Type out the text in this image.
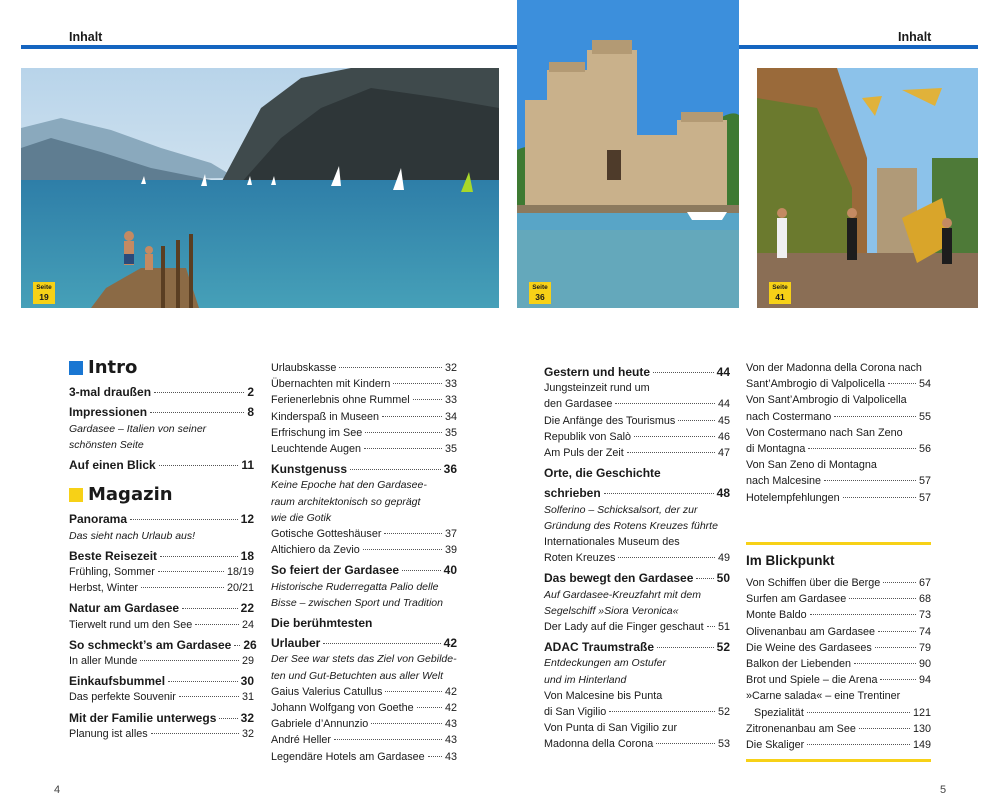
Inhalt	Inhalt
Seite
19
Seite
36
Seite
41
Intro
3-mal draußen	2
Impressionen	8
Gardasee – Italien von seiner
schönsten Seite
Auf einen Blick	11
Magazin
Panorama	12
Das sieht nach Urlaub aus!
Beste Reisezeit	18
Frühling, Sommer	18/19
Herbst, Winter	20/21
Natur am Gardasee	22
Tierwelt rund um den See	24
So schmeckt’s am Gardasee 26
In aller Munde	29
Einkaufsbummel	30
Das perfekte Souvenir	31
Mit der Familie unterwegs 32
Planung ist alles	32
Urlaubskasse	32
Übernachten mit Kindern	33
Ferienerlebnis ohne Rummel	33
Kinderspaß in Museen	34
Erfrischung im See	35
Leuchtende Augen	35
Kunstgenuss	36
Keine Epoche hat den Gardasee-
raum architektonisch so geprägt
wie die Gotik
Gotische Gotteshäuser	37
Altichiero da Zevio	39
So feiert der Gardasee	40
Historische Ruderregatta Palio delle
Bisse – zwischen Sport und Tradition
Die berühmtesten
Urlauber	42
Der See war stets das Ziel von Gebilde-
ten und Gut-Betuchten aus aller Welt
Gaius Valerius Catullus	42
Johann Wolfgang von Goethe	42
Gabriele d’Annunzio	43
André Heller	43
Legendäre Hotels am Gardasee 43
Gestern und heute	44
Jungsteinzeit rund um
den Gardasee	44
Die Anfänge des Tourismus	45
Republik von Salò	46
Am Puls der Zeit	47
Orte, die Geschichte
schrieben	48
Solferino – Schicksalsort, der zur
Gründung des Rotens Kreuzes führte
Internationales Museum des
Roten Kreuzes	49
Das bewegt den Gardasee 50
Auf Gardasee-Kreuzfahrt mit dem
Segelschiff »Siora Veronica«
Der Lady auf die Finger geschaut 51
ADAC Traumstraße	52
Entdeckungen am Ostufer
und im Hinterland
Von Malcesine bis Punta
di San Vigilio	52
Von Punta di San Vigilio zur
Madonna della Corona	53
Von der Madonna della Corona nach
Sant’Ambrogio di Valpolicella	54
Von Sant’Ambrogio di Valpolicella
nach Costermano	55
Von Costermano nach San Zeno
di Montagna	56
Von San Zeno di Montagna
nach Malcesine	57
Hotelempfehlungen	57
Im Blickpunkt
Von Schiffen über die Berge	67
Surfen am Gardasee	68
Monte Baldo	73
Olivenanbau am Gardasee	74
Die Weine des Gardasees	79
Balkon der Liebenden	90
Brot und Spiele – die Arena	94
»Carne salada« – eine Trentiner
Spezialität	121
Zitronenanbau am See	130
Die Skaliger	149
4	5
